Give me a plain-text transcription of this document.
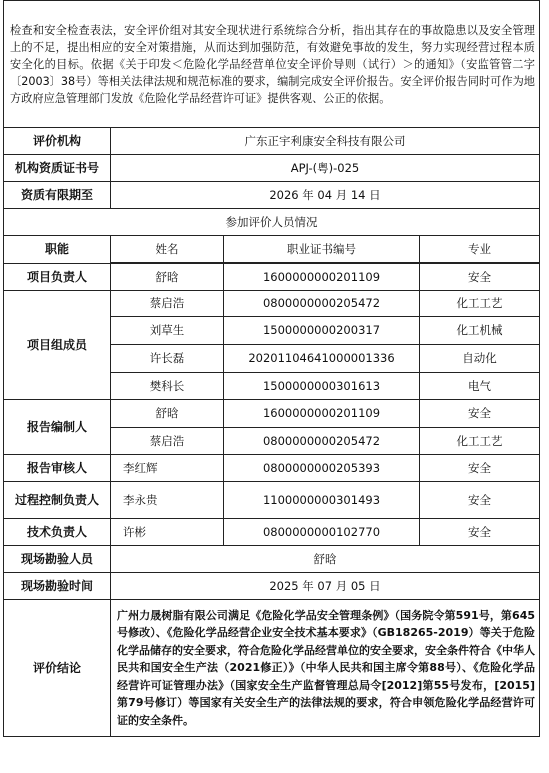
检查和安全检查表法，安全评价组对其安全现状进行系统综合分析，指出其存在的事故隐患以及安全管理上的不足，提出相应的安全对策措施，从而达到加强防范，有效避免事故的发生，努力实现经营过程本质安全化的目标。依据《关于印发＜危险化学品经营单位安全评价导则（试行）＞的通知》（安监管管二字〔2003〕38号）等相关法律法规和规范标准的要求，编制完成安全评价报告。安全评价报告同时可作为地方政府应急管理部门发放《危险化学品经营许可证》提供客观、公正的依据。			
评价机构	广东正宇利康安全科技有限公司		
机构资质证书号	APJ-(粤)-025		
资质有限期至	2026 年 04 月 14 日		
参加评价人员情况			
职能	姓名	职业证书编号	专业

项目负责人	舒晗	1600000000201109	安全
项目组成员	蔡启浩	0800000000205472	化工工艺
	刘草生	1500000000200317	化工机械
	许长磊	20201104641000001336	自动化
	樊科长	1500000000301613	电气
报告编制人	舒晗	1600000000201109	安全
	蔡启浩	0800000000205472	化工工艺
报告审核人	李红辉	0800000000205393	安全

过程控制负责人	李永贵	1100000000301493	安全
技术负责人	许彬	0800000000102770	安全
现场勘验人员	舒晗		
现场勘验时间	2025 年 07 月 05 日		
评价结论	广州力晟树脂有限公司满足《危险化学品安全管理条例》（国务院令第591号，第645号修改）、《危险化学品经营企业安全技术基本要求》（GB18265-2019）等关于危险化学品储存的安全要求，符合危险化学品经营单位的安全要求，安全条件符合《中华人民共和国安全生产法（2021修正）》（中华人民共和国主席令第88号）、《危险化学品经营许可证管理办法》（国家安全生产监督管理总局令[2012]第55号发布，[2015]第79号修订）等国家有关安全生产的法律法规的要求，符合申领危险化学品经营许可证的安全条件。		
